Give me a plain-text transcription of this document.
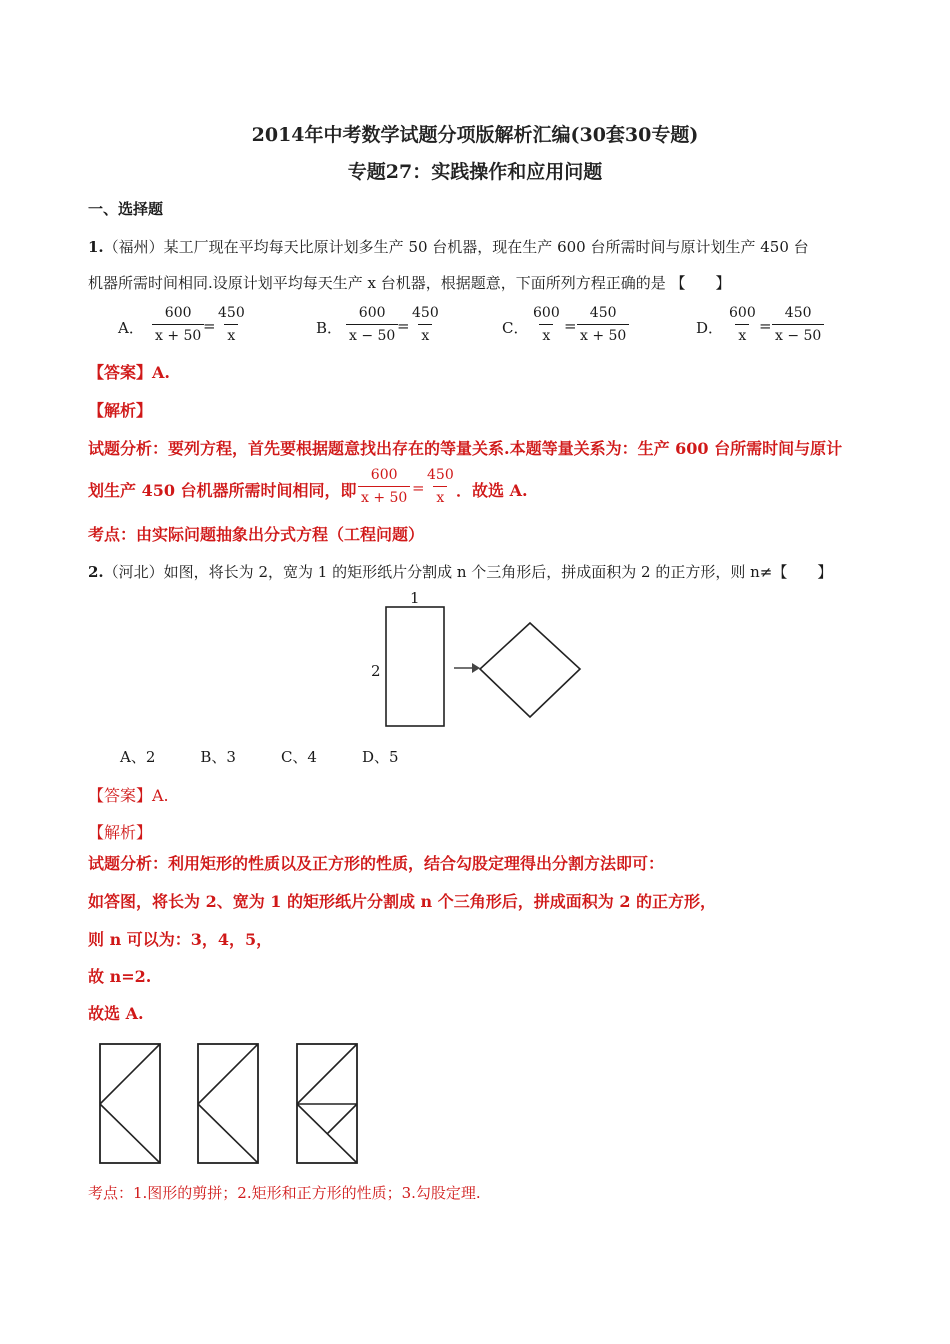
2014年中考数学试题分项版解析汇编(30套30专题)
专题27：实践操作和应用问题
一、选择题
1.（福州）某工厂现在平均每天比原计划多生产 50 台机器，现在生产 600 台所需时间与原计划生产 450 台
机器所需时间相同.设原计划平均每天生产 x 台机器，根据题意，下面所列方程正确的是 【　　】
A． $\frac{600}{x + 50}$
= $\frac{450}{x}$	B． $\frac{600}{x - 50}$
= $\frac{450}{x}$	C． $\frac{600}{x} = \frac{450}{x + 50}$	D． $\frac{600}{x} = \frac{450}{x - 50}$
【答案】A.
【解析】
试题分析：要列方程，首先要根据题意找出存在的等量关系.本题等量关系为：生产 600 台所需时间与原计
划生产 450 台机器所需时间相同，即 $\frac{600}{x + 50} = \frac{450}{x}$ ．故选 A.
考点：由实际问题抽象出分式方程（工程问题）
2.（河北）如图，将长为 2，宽为 1 的矩形纸片分割成 n 个三角形后，拼成面积为 2 的正方形，则 n≠【　　】
1
2
A、2　　　B、3　　　C、4　　　D、5
【答案】A.
【解析】
试题分析：利用矩形的性质以及正方形的性质，结合勾股定理得出分割方法即可：
如答图，将长为 2、宽为 1 的矩形纸片分割成 n 个三角形后，拼成面积为 2 的正方形，
则 n 可以为：3，4，5，
故 n=2.
故选 A.
考点：1.图形的剪拼；2.矩形和正方形的性质；3.勾股定理.
